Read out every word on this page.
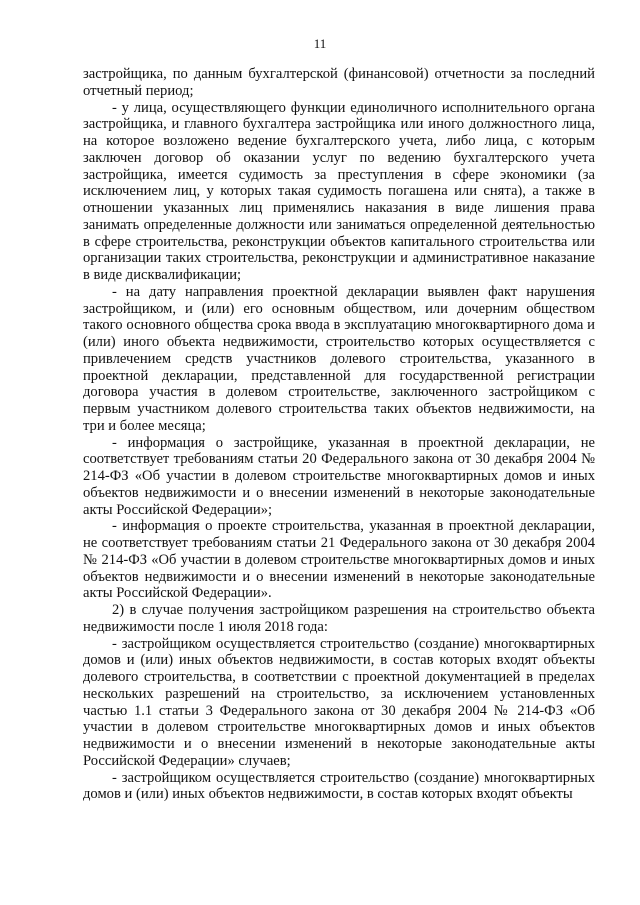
11

застройщика, по данным бухгалтерской (финансовой) отчетности за последний отчетный период;

- у лица, осуществляющего функции единоличного исполнительного органа застройщика, и главного бухгалтера застройщика или иного должностного лица, на которое возложено ведение бухгалтерского учета, либо лица, с которым заключен договор об оказании услуг по ведению бухгалтерского учета застройщика, имеется судимость за преступления в сфере экономики (за исключением лиц, у которых такая судимость погашена или снята), а также в отношении указанных лиц применялись наказания в виде лишения права занимать определенные должности или заниматься определенной деятельностью в сфере строительства, реконструкции объектов капитального строительства или организации таких строительства, реконструкции и административное наказание в виде дисквалификации;

- на дату направления проектной декларации выявлен факт нарушения застройщиком, и (или) его основным обществом, или дочерним обществом такого основного общества срока ввода в эксплуатацию многоквартирного дома и (или) иного объекта недвижимости, строительство которых осуществляется с привлечением средств участников долевого строительства, указанного в проектной декларации, представленной для государственной регистрации договора участия в долевом строительстве, заключенного застройщиком с первым участником долевого строительства таких объектов недвижимости, на три и более месяца;

- информация о застройщике, указанная в проектной декларации, не соответствует требованиям статьи 20 Федерального закона от 30 декабря 2004 № 214-ФЗ «Об участии в долевом строительстве многоквартирных домов и иных объектов недвижимости и о внесении изменений в некоторые законодательные акты Российской Федерации»;

- информация о проекте строительства, указанная в проектной декларации, не соответствует требованиям статьи 21 Федерального закона от 30 декабря 2004 № 214-ФЗ «Об участии в долевом строительстве многоквартирных домов и иных объектов недвижимости и о внесении изменений в некоторые законодательные акты Российской Федерации».

2) в случае получения застройщиком разрешения на строительство объекта недвижимости после 1 июля 2018 года:

- застройщиком осуществляется строительство (создание) многоквартирных домов и (или) иных объектов недвижимости, в состав которых входят объекты долевого строительства, в соответствии с проектной документацией в пределах нескольких разрешений на строительство, за исключением установленных частью 1.1 статьи 3 Федерального закона от 30 декабря 2004 № 214-ФЗ «Об участии в долевом строительстве многоквартирных домов и иных объектов недвижимости и о внесении изменений в некоторые законодательные акты Российской Федерации» случаев;

- застройщиком осуществляется строительство (создание) многоквартирных домов и (или) иных объектов недвижимости, в состав которых входят объекты
